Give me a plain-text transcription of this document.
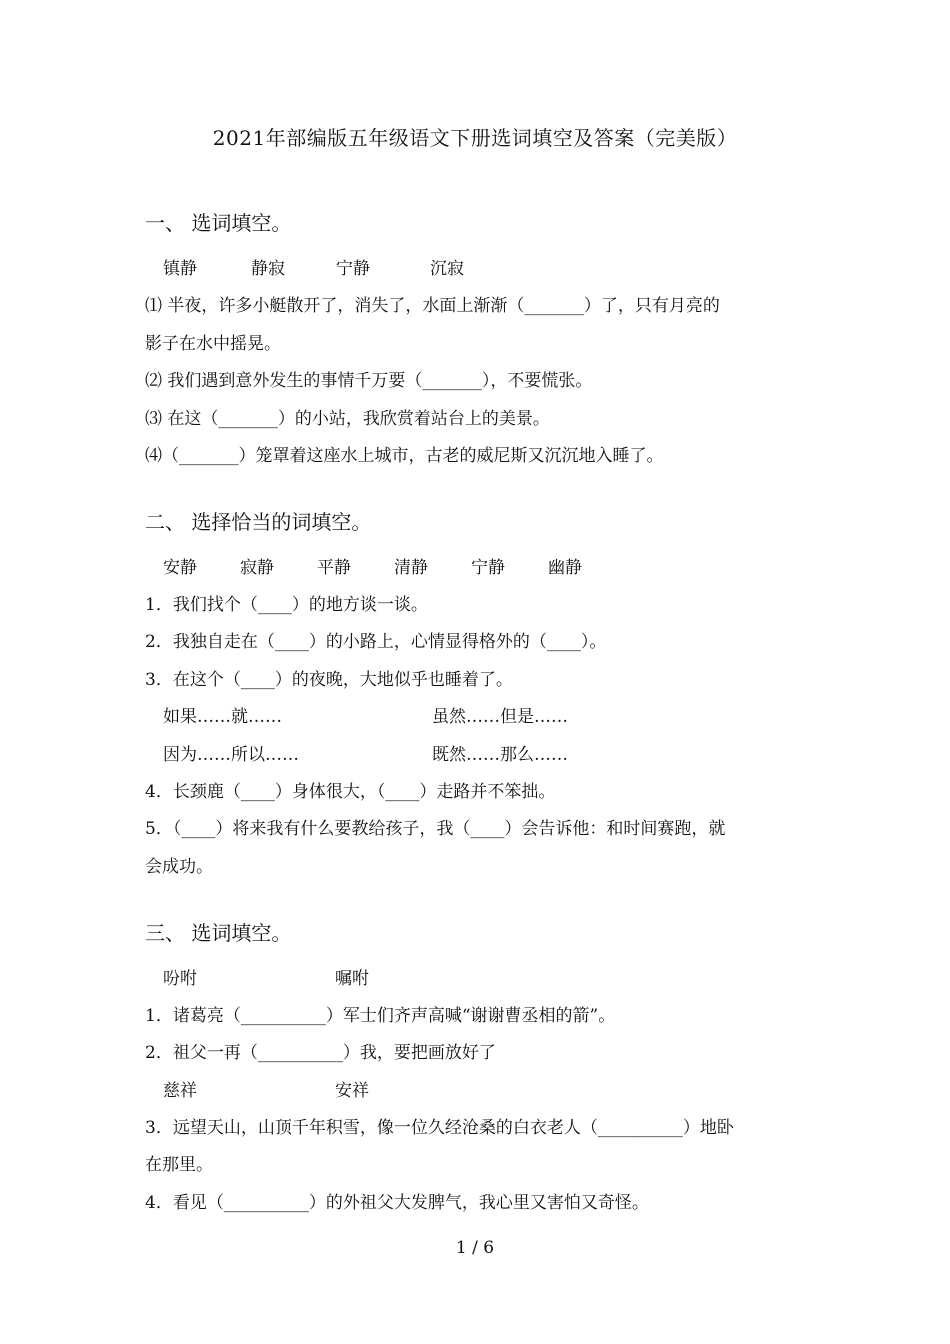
2021年部编版五年级语文下册选词填空及答案（完美版）
一、 选词填空。
镇静	静寂	宁静	沉寂
⑴ 半夜，许多小艇散开了，消失了，水面上渐渐（_______）了，只有月亮的
影子在水中摇晃。
⑵ 我们遇到意外发生的事情千万要（_______），不要慌张。
⑶ 在这（_______）的小站，我欣赏着站台上的美景。
⑷（_______）笼罩着这座水上城市，古老的威尼斯又沉沉地入睡了。
二、 选择恰当的词填空。
安静	寂静	平静	清静	宁静	幽静
1．我们找个（____）的地方谈一谈。
2．我独自走在（____）的小路上，心情显得格外的（____）。
3．在这个（____）的夜晚，大地似乎也睡着了。
如果……就……	虽然……但是……
因为……所以……	既然……那么……
4．长颈鹿（____）身体很大，（____）走路并不笨拙。
5．（____）将来我有什么要教给孩子，我（____）会告诉他：和时间赛跑，就
会成功。
三、 选词填空。
吩咐	嘱咐
1．诸葛亮（__________）军士们齐声高喊“谢谢曹丞相的箭”。
2．祖父一再（__________）我，要把画放好了
慈祥	安祥
3．远望天山，山顶千年积雪，像一位久经沧桑的白衣老人（__________）地卧
在那里。
4．看见（__________）的外祖父大发脾气，我心里又害怕又奇怪。
1 / 6
